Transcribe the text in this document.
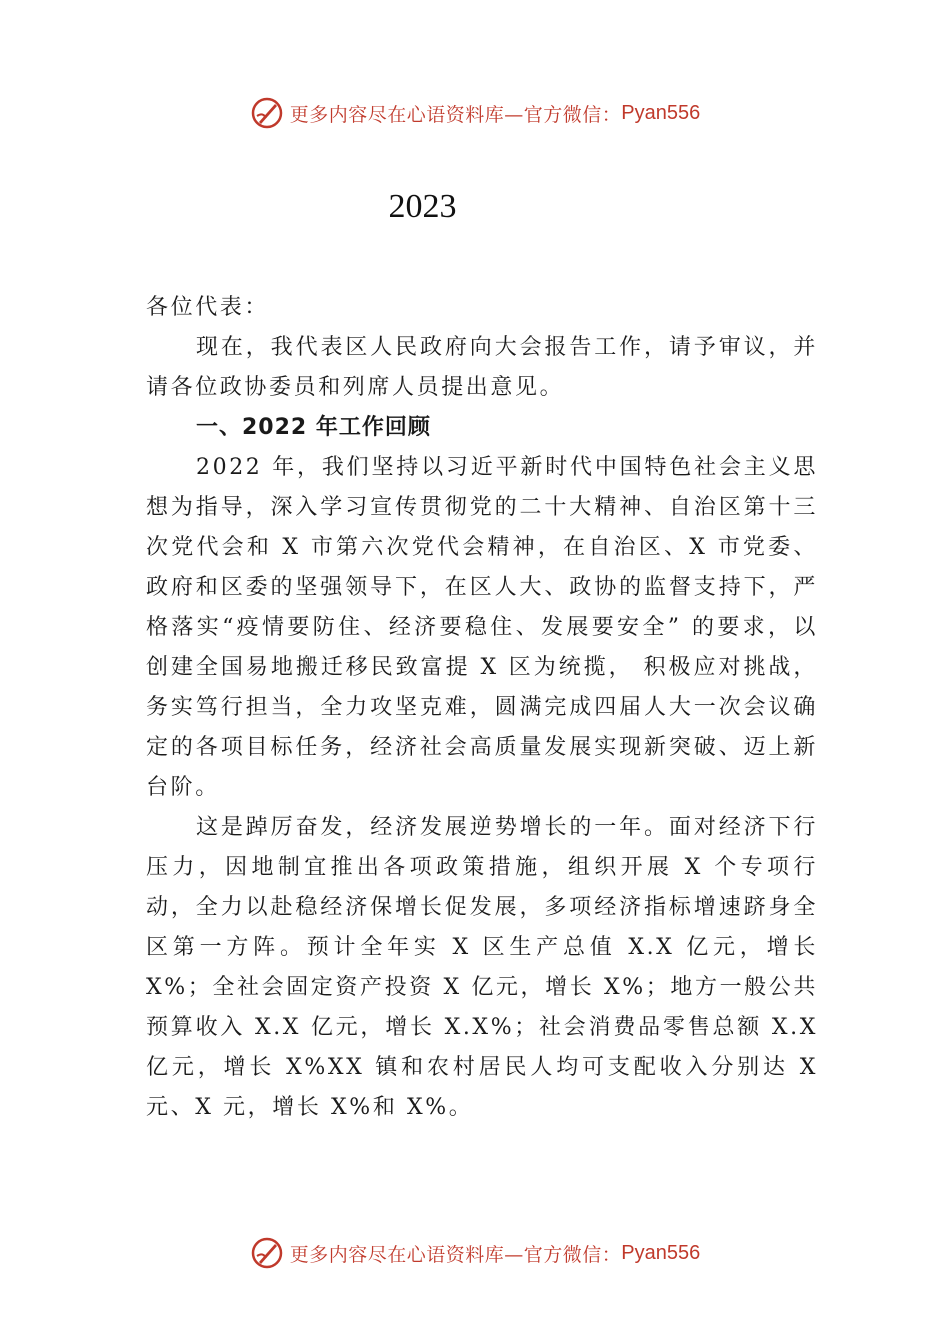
更多内容尽在心语资料库—官方微信： Pyan556
2023

各位代表：

现在，我代表区人民政府向大会报告工作，请予审议，并请各位政协委员和列席人员提出意见。

一、2022 年工作回顾

2022 年，我们坚持以习近平新时代中国特色社会主义思想为指导，深入学习宣传贯彻党的二十大精神、自治区第十三次党代会和 X 市第六次党代会精神，在自治区、X 市党委、政府和区委的坚强领导下，在区人大、政协的监督支持下，严格落实“疫情要防住、经济要稳住、发展要安全” 的要求，以创建全国易地搬迁移民致富提 X 区为统揽， 积极应对挑战，务实笃行担当，全力攻坚克难，圆满完成四届人大一次会议确定的各项目标任务，经济社会高质量发展实现新突破、迈上新台阶。

这是踔厉奋发，经济发展逆势增长的一年。面对经济下行压力，因地制宜推出各项政策措施，组织开展 X 个专项行动，全力以赴稳经济保增长促发展，多项经济指标增速跻身全区第一方阵。预计全年实 X 区生产总值 X.X 亿元，增长 X%；全社会固定资产投资 X 亿元，增长 X%；地方一般公共预算收入 X.X 亿元，增长 X.X%；社会消费品零售总额 X.X 亿元，增长 X%XX 镇和农村居民人均可支配收入分别达 X 元、X 元，增长 X%和 X%。

更多内容尽在心语资料库—官方微信： Pyan556
